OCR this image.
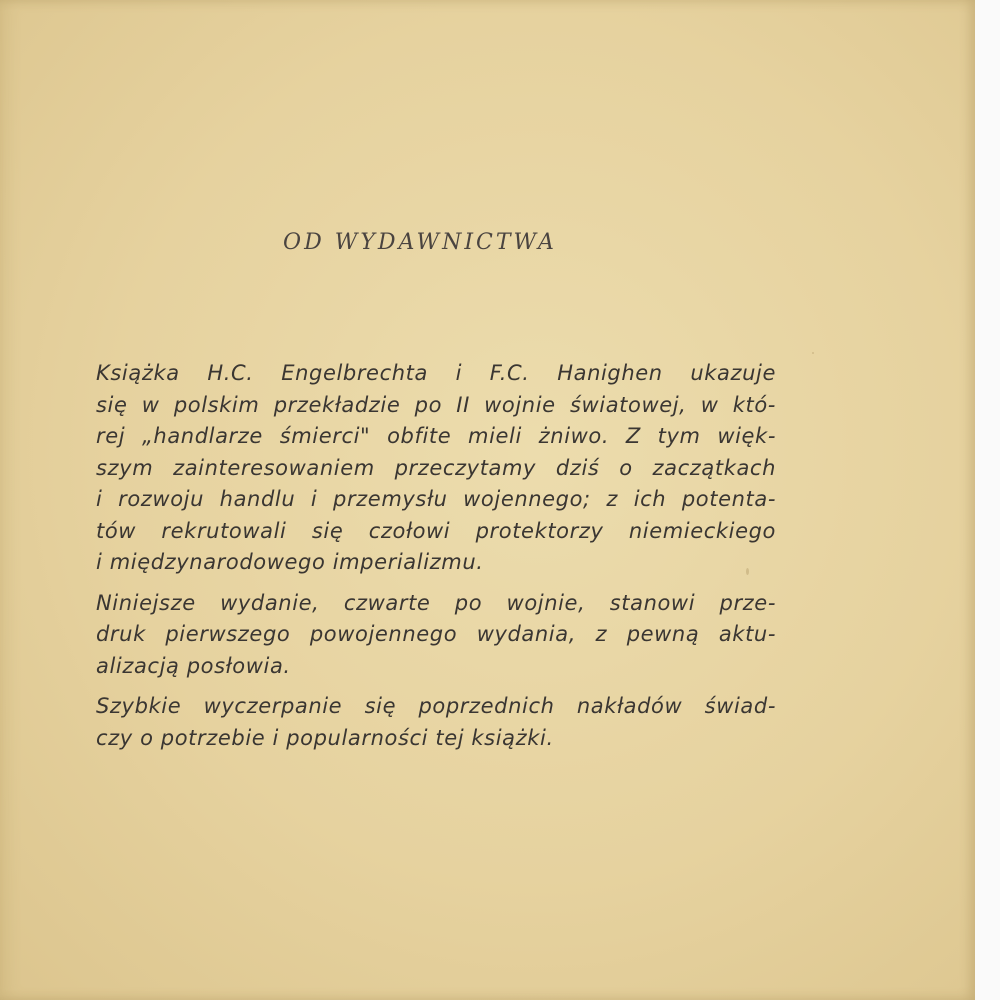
OD WYDAWNICTWA
Książka H.C. Engelbrechta i F.C. Hanighen ukazuje
się w polskim przekładzie po II wojnie światowej, w któ-
rej „handlarze śmierci" obfite mieli żniwo. Z tym więk-
szym zainteresowaniem przeczytamy dziś o zaczątkach
i rozwoju handlu i przemysłu wojennego; z ich potenta-
tów rekrutowali się czołowi protektorzy niemieckiego
i międzynarodowego imperializmu.
Niniejsze wydanie, czwarte po wojnie, stanowi prze-
druk pierwszego powojennego wydania, z pewną aktu-
alizacją posłowia.
Szybkie wyczerpanie się poprzednich nakładów świad-
czy o potrzebie i popularności tej książki.
